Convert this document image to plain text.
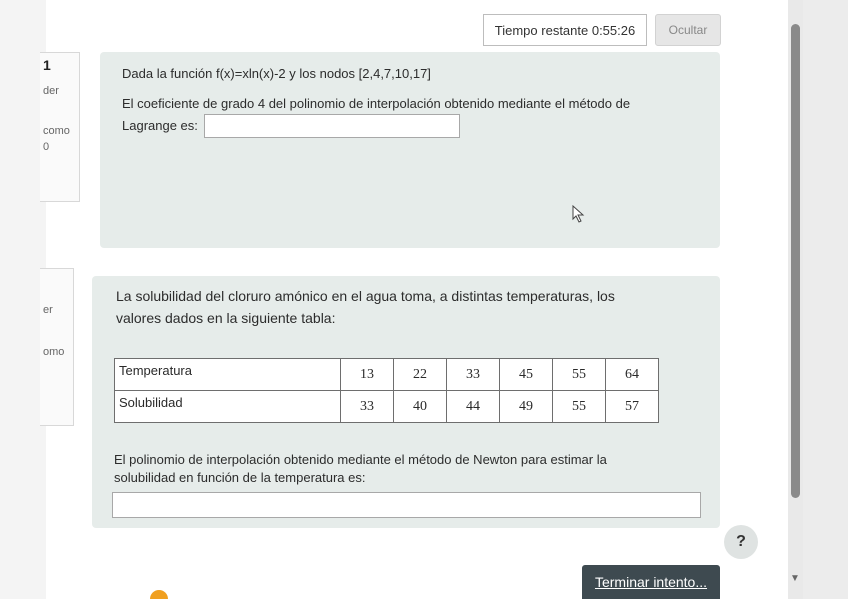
1
der
como
0
er
omo
Tiempo restante 0:55:26	Ocultar
Dada la función f(x)=xln(x)-2 y los nodos [2,4,7,10,17]
El coeficiente de grado 4 del polinomio de interpolación obtenido mediante el método de
Lagrange es:
La solubilidad del cloruro amónico en el agua toma, a distintas temperaturas, los
valores dados en la siguiente tabla:
Temperatura	13	22	33	45	55	64
Solubilidad	33	40	44	49	55	57
El polinomio de interpolación obtenido mediante el método de Newton para estimar la
solubilidad en función de la temperatura es:
?
Terminar intento...	▼
